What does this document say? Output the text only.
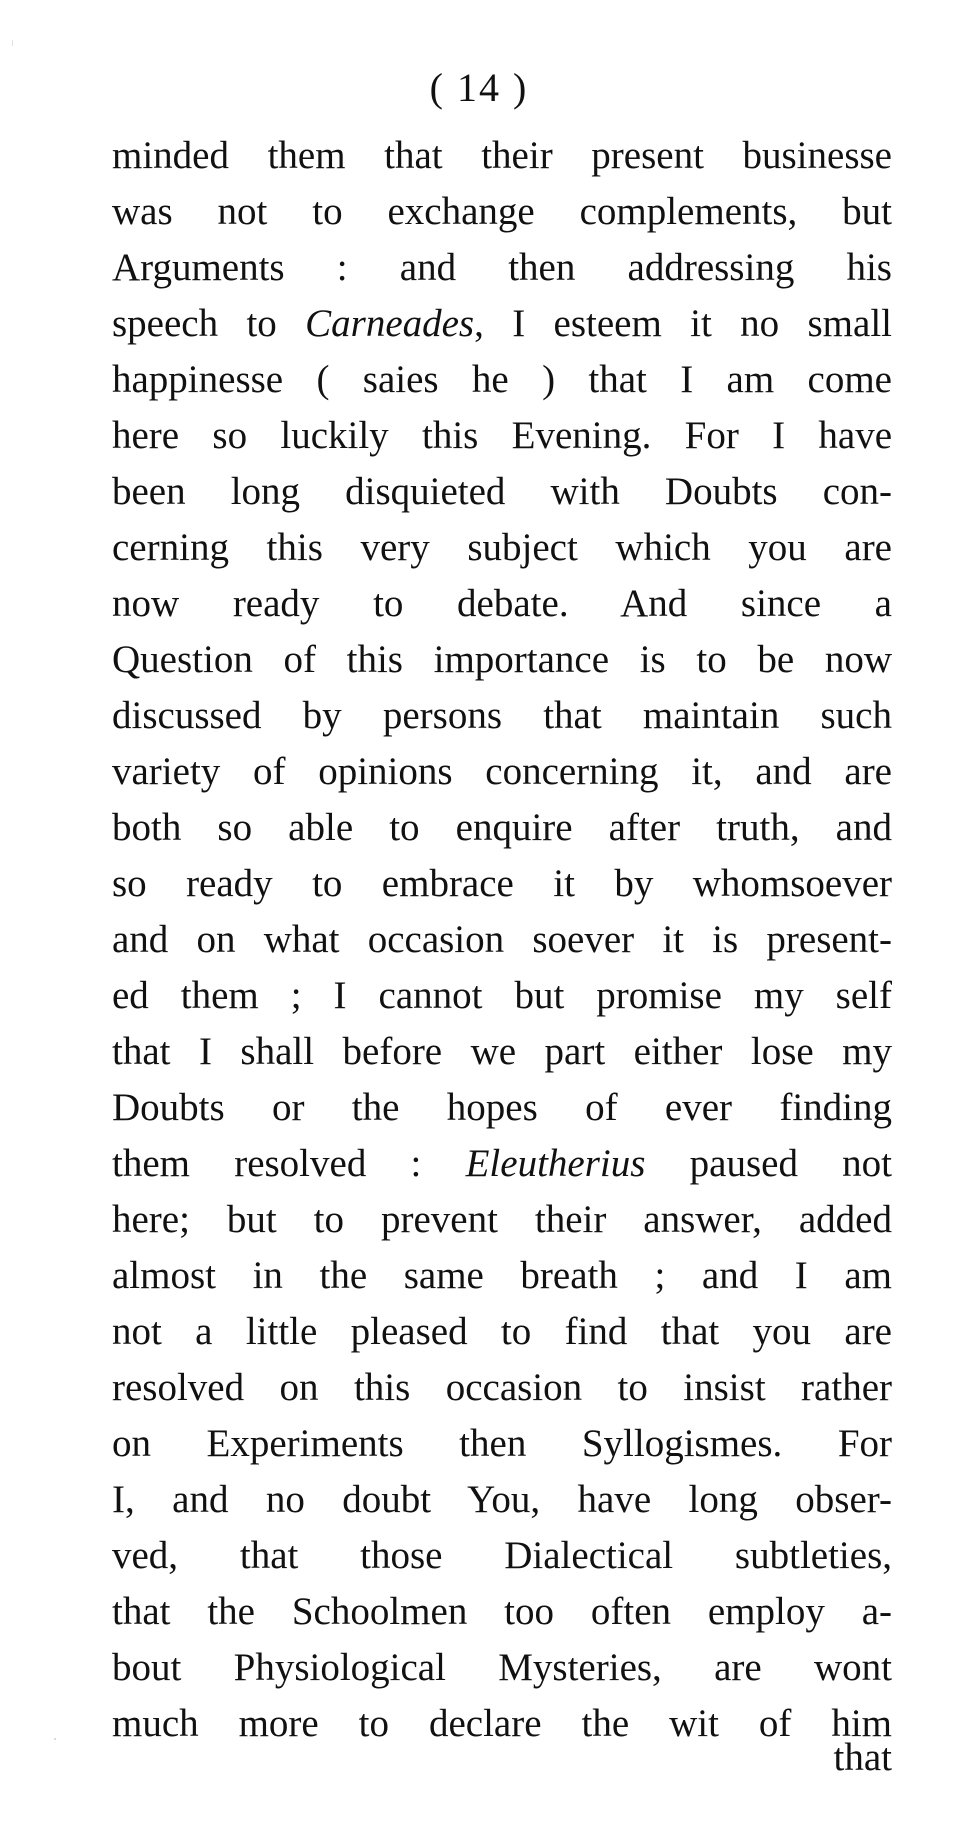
( 14 )
minded them that their present businesse
was not to exchange complements, but
Arguments : and then addressing his
speech to Carneades, I esteem it no small
happinesse ( saies he ) that I am come
here so luckily this Evening. For I have
been long disquieted with Doubts con-
cerning this very subject which you are
now ready to debate. And since a
Question of this importance is to be now
discussed by persons that maintain such
variety of opinions concerning it, and are
both so able to enquire after truth, and
so ready to embrace it by whomsoever
and on what occasion soever it is present-
ed them ; I cannot but promise my self
that I shall before we part either lose my
Doubts or the hopes of ever finding
them resolved : Eleutherius paused not
here; but to prevent their answer, added
almost in the same breath ; and I am
not a little pleased to find that you are
resolved on this occasion to insist rather
on Experiments then Syllogismes. For
I, and no doubt You, have long obser-
ved, that those Dialectical subtleties,
that the Schoolmen too often employ a-
bout Physiological Mysteries, are wont
much more to declare the wit of him
that
